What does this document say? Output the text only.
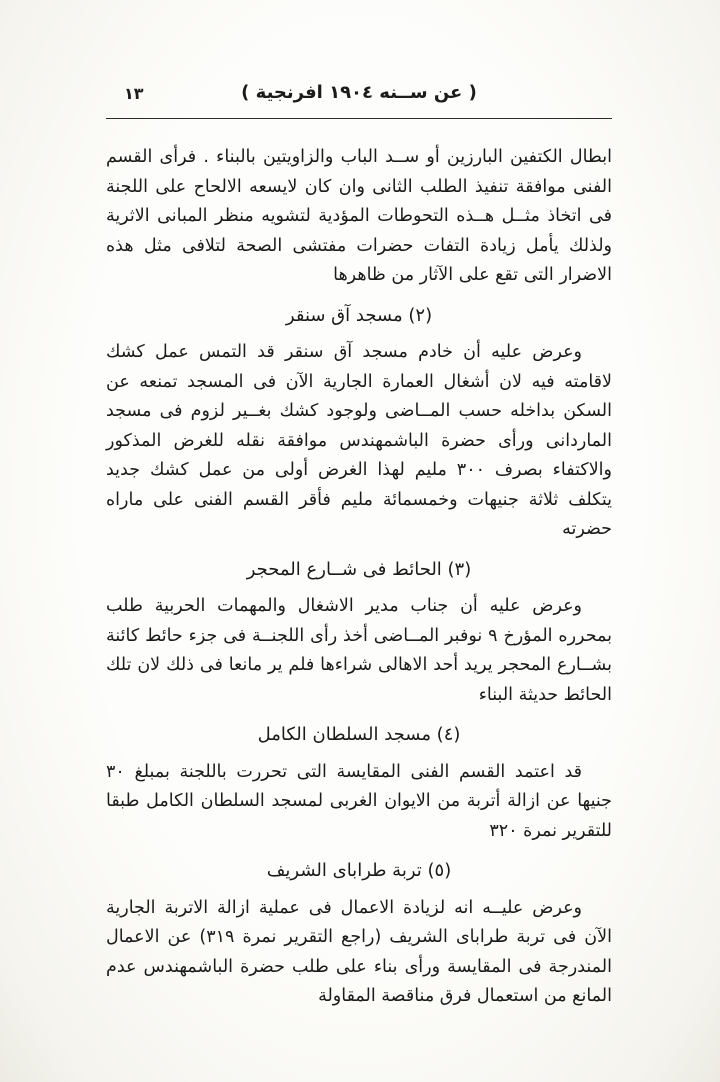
١٣	( عن ســنه ١٩٠٤ افرنجية )

ابطال الكتفين البارزين أو ســد الباب والزاويتين بالبناء . فرأى القسم الفنى موافقة تنفيذ الطلب الثانى وان كان لايسعه الالحاح على اللجنة فى اتخاذ مثــل هــذه التحوطات المؤدية لتشويه منظر المبانى الاثرية ولذلك يأمل زيادة التفات حضرات مفتشى الصحة لتلافى مثل هذه الاضرار التى تقع على الآثار من ظاهرها

(٢) مسجد آق سنقر

وعرض عليه أن خادم مسجد آق سنقر قد التمس عمل كشك لاقامته فيه لان أشغال العمارة الجارية الآن فى المسجد تمنعه عن السكن بداخله حسب المــاضى ولوجود كشك بغــير لزوم فى مسجد الماردانى ورأى حضرة الباشمهندس موافقة نقله للغرض المذكور والاكتفاء بصرف ٣٠٠ مليم لهذا الغرض أولى من عمل كشك جديد يتكلف ثلاثة جنيهات وخمسمائة مليم فأقر القسم الفنى على ماراه حضرته

(٣) الحائط فى شــارع المحجر

وعرض عليه أن جناب مدير الاشغال والمهمات الحربية طلب بمحرره المؤرخ ٩ نوفبر المــاضى أخذ رأى اللجنــة فى جزء حائط كائنة بشــارع المحجر يريد أحد الاهالى شراءها فلم ير مانعا فى ذلك لان تلك الحائط حديثة البناء

(٤) مسجد السلطان الكامل

قد اعتمد القسم الفنى المقايسة التى تحررت باللجنة بمبلغ ٣٠ جنيها عن ازالة أتربة من الايوان الغربى لمسجد السلطان الكامل طبقا للتقرير نمرة ٣٢٠

(٥) تربة طراباى الشريف

وعرض عليــه انه لزيادة الاعمال فى عملية ازالة الاتربة الجارية الآن فى تربة طراباى الشريف (راجع التقرير نمرة ٣١٩) عن الاعمال المندرجة فى المقايسة ورأى بناء على طلب حضرة الباشمهندس عدم المانع من استعمال فرق مناقصة المقاولة
